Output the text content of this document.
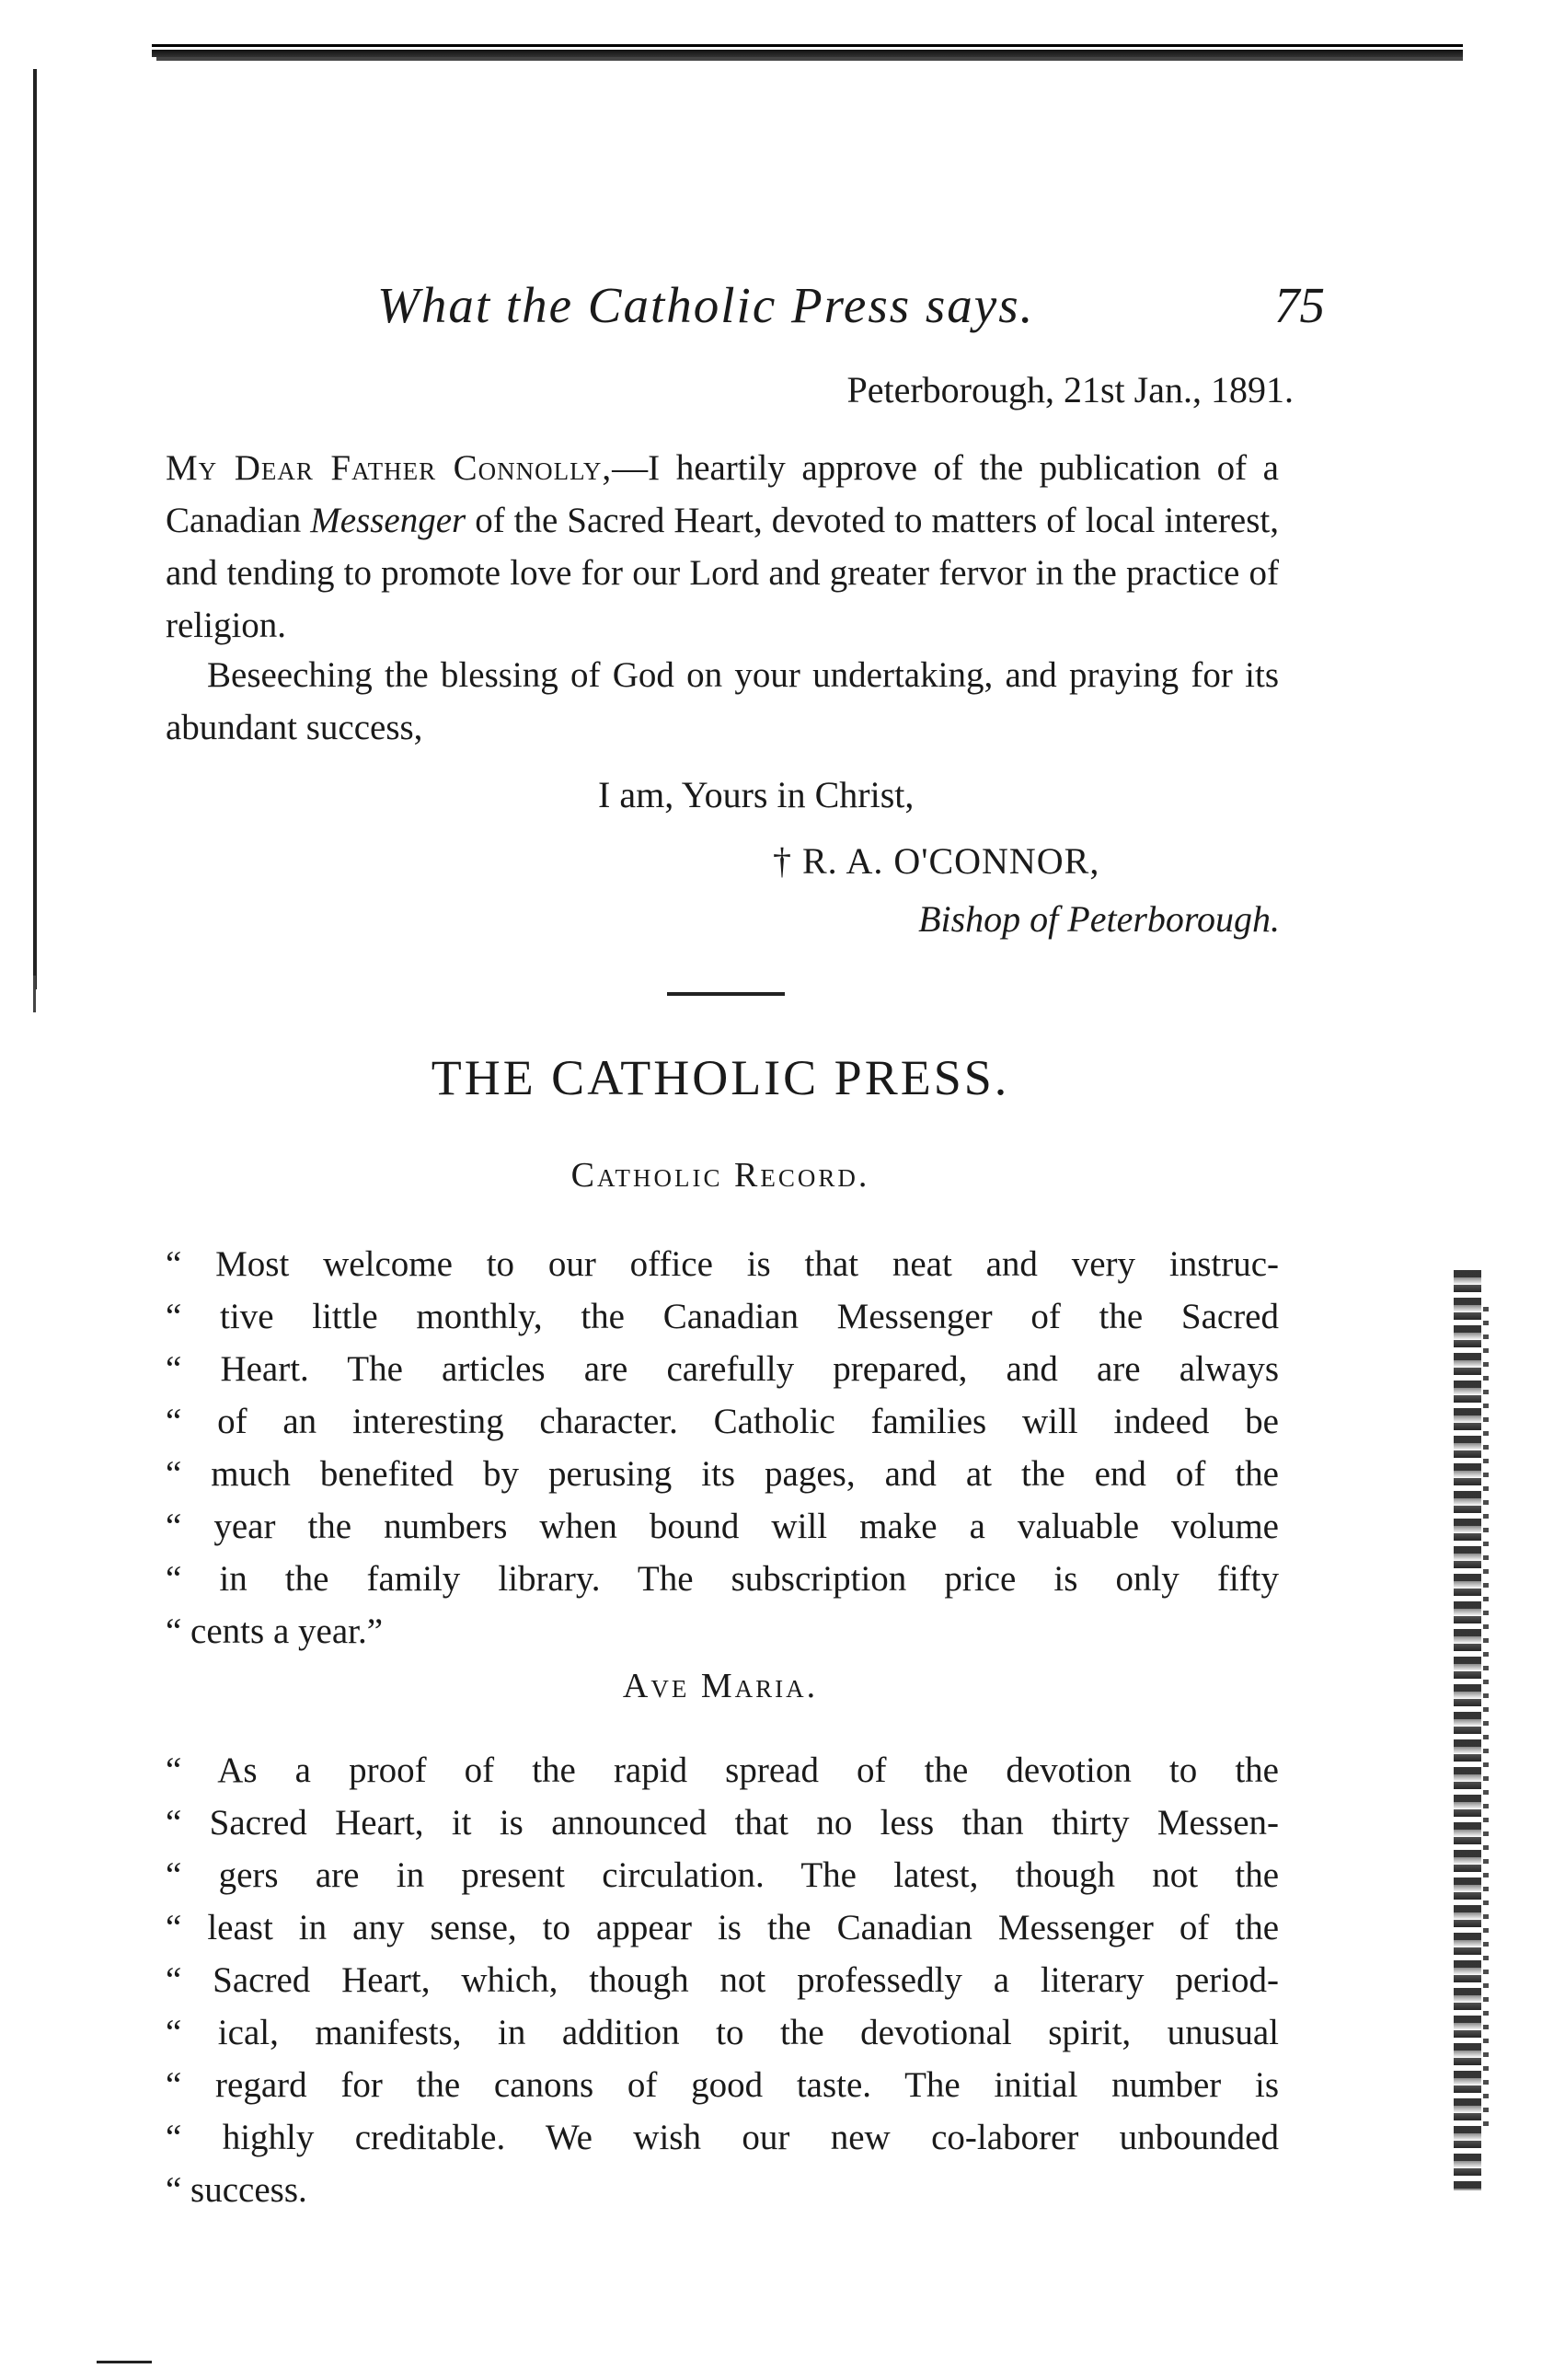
What the Catholic Press says.	75
Peterborough, 21st Jan., 1891.
My Dear Father Connolly,—I heartily approve of the publication of a Canadian Messenger of the Sacred Heart, devoted to matters of local interest, and tending to promote love for our Lord and greater fervor in the practice of religion.
Beseeching the blessing of God on your undertaking, and praying for its abundant success,
I am, Yours in Christ,
† R. A. O'CONNOR,
Bishop of Peterborough.
THE CATHOLIC PRESS.
Catholic Record.
“ Most welcome to our office is that neat and very instruc-
“ tive little monthly, the Canadian Messenger of the Sacred
“ Heart. The articles are carefully prepared, and are always
“ of an interesting character. Catholic families will indeed be
“ much benefited by perusing its pages, and at the end of the
“ year the numbers when bound will make a valuable volume
“ in the family library. The subscription price is only fifty
“ cents a year.”
Ave Maria.
“ As a proof of the rapid spread of the devotion to the
“ Sacred Heart, it is announced that no less than thirty Messen-
“ gers are in present circulation. The latest, though not the
“ least in any sense, to appear is the Canadian Messenger of the
“ Sacred Heart, which, though not professedly a literary period-
“ ical, manifests, in addition to the devotional spirit, unusual
“ regard for the canons of good taste. The initial number is
“ highly creditable. We wish our new co-laborer unbounded
“ success.
